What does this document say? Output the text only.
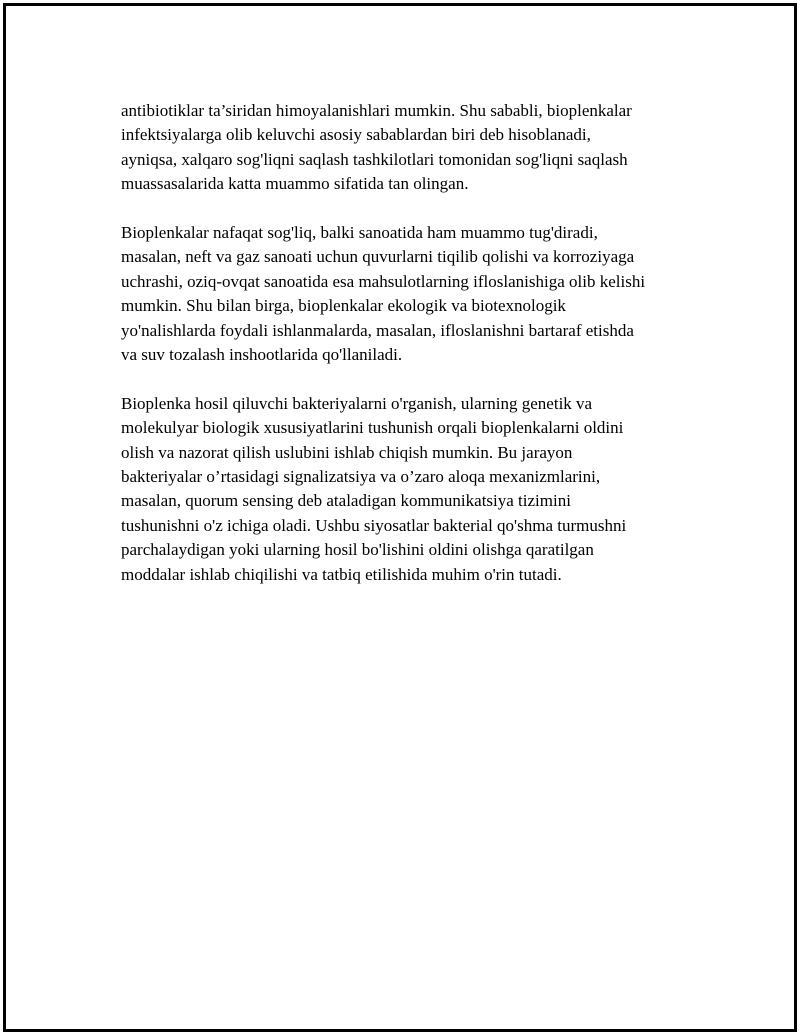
antibiotiklar ta’siridan himoyalanishlari mumkin. Shu sababli, bioplenkalar
infektsiyalarga olib keluvchi asosiy sabablardan biri deb hisoblanadi,
ayniqsa, xalqaro sog'liqni saqlash tashkilotlari tomonidan sog'liqni saqlash
muassasalarida katta muammo sifatida tan olingan.

Bioplenkalar nafaqat sog'liq, balki sanoatida ham muammo tug'diradi,
masalan, neft va gaz sanoati uchun quvurlarni tiqilib qolishi va korroziyaga
uchrashi, oziq-ovqat sanoatida esa mahsulotlarning ifloslanishiga olib kelishi
mumkin. Shu bilan birga, bioplenkalar ekologik va biotexnologik
yo'nalishlarda foydali ishlanmalarda, masalan, ifloslanishni bartaraf etishda
va suv tozalash inshootlarida qo'llaniladi.

Bioplenka hosil qiluvchi bakteriyalarni o'rganish, ularning genetik va
molekulyar biologik xususiyatlarini tushunish orqali bioplenkalarni oldini
olish va nazorat qilish uslubini ishlab chiqish mumkin. Bu jarayon
bakteriyalar o’rtasidagi signalizatsiya va o’zaro aloqa mexanizmlarini,
masalan, quorum sensing deb ataladigan kommunikatsiya tizimini
tushunishni o'z ichiga oladi. Ushbu siyosatlar bakterial qo'shma turmushni
parchalaydigan yoki ularning hosil bo'lishini oldini olishga qaratilgan
moddalar ishlab chiqilishi va tatbiq etilishida muhim o'rin tutadi.
